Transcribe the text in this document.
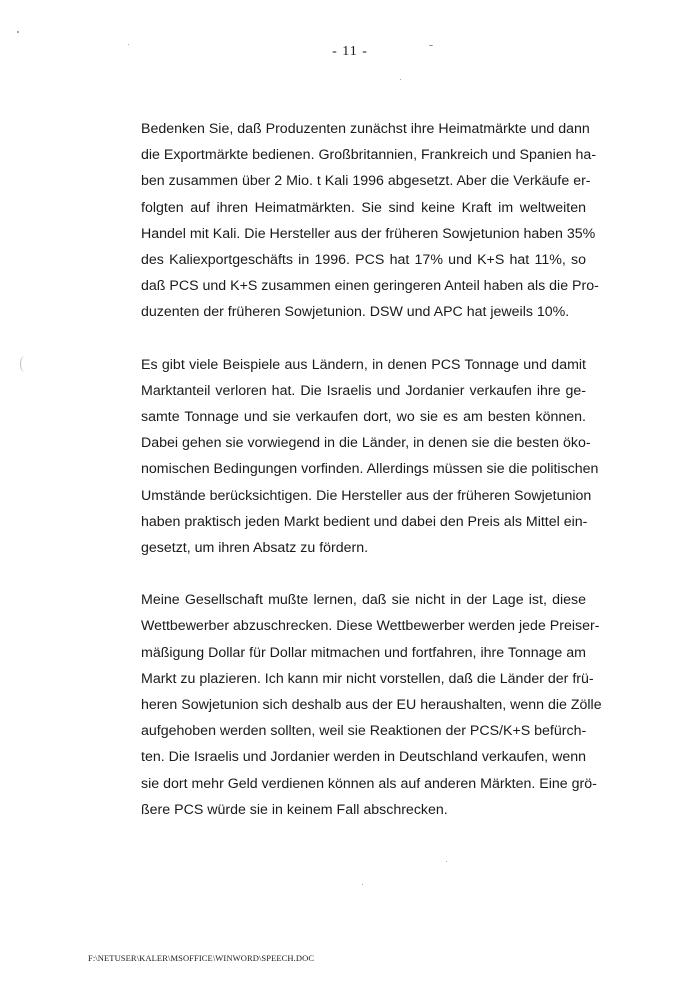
- 11 -

Bedenken Sie, daß Produzenten zunächst ihre Heimatmärkte und dann
die Exportmärkte bedienen. Großbritannien, Frankreich und Spanien ha-
ben zusammen über 2 Mio. t Kali 1996 abgesetzt. Aber die Verkäufe er-
folgten auf ihren Heimatmärkten. Sie sind keine Kraft im weltweiten
Handel mit Kali. Die Hersteller aus der früheren Sowjetunion haben 35%
des Kaliexportgeschäfts in 1996. PCS hat 17% und K+S hat 11%, so
daß PCS und K+S zusammen einen geringeren Anteil haben als die Pro-
duzenten der früheren Sowjetunion. DSW und APC hat jeweils 10%.

Es gibt viele Beispiele aus Ländern, in denen PCS Tonnage und damit
Marktanteil verloren hat. Die Israelis und Jordanier verkaufen ihre ge-
samte Tonnage und sie verkaufen dort, wo sie es am besten können.
Dabei gehen sie vorwiegend in die Länder, in denen sie die besten öko-
nomischen Bedingungen vorfinden. Allerdings müssen sie die politischen
Umstände berücksichtigen. Die Hersteller aus der früheren Sowjetunion
haben praktisch jeden Markt bedient und dabei den Preis als Mittel ein-
gesetzt, um ihren Absatz zu fördern.

Meine Gesellschaft mußte lernen, daß sie nicht in der Lage ist, diese
Wettbewerber abzuschrecken. Diese Wettbewerber werden jede Preiser-
mäßigung Dollar für Dollar mitmachen und fortfahren, ihre Tonnage am
Markt zu plazieren. Ich kann mir nicht vorstellen, daß die Länder der frü-
heren Sowjetunion sich deshalb aus der EU heraushalten, wenn die Zölle
aufgehoben werden sollten, weil sie Reaktionen der PCS/K+S befürch-
ten. Die Israelis und Jordanier werden in Deutschland verkaufen, wenn
sie dort mehr Geld verdienen können als auf anderen Märkten. Eine grö-
ßere PCS würde sie in keinem Fall abschrecken.

F:\NETUSER\KALER\MSOFFICE\WINWORD\SPEECH.DOC
